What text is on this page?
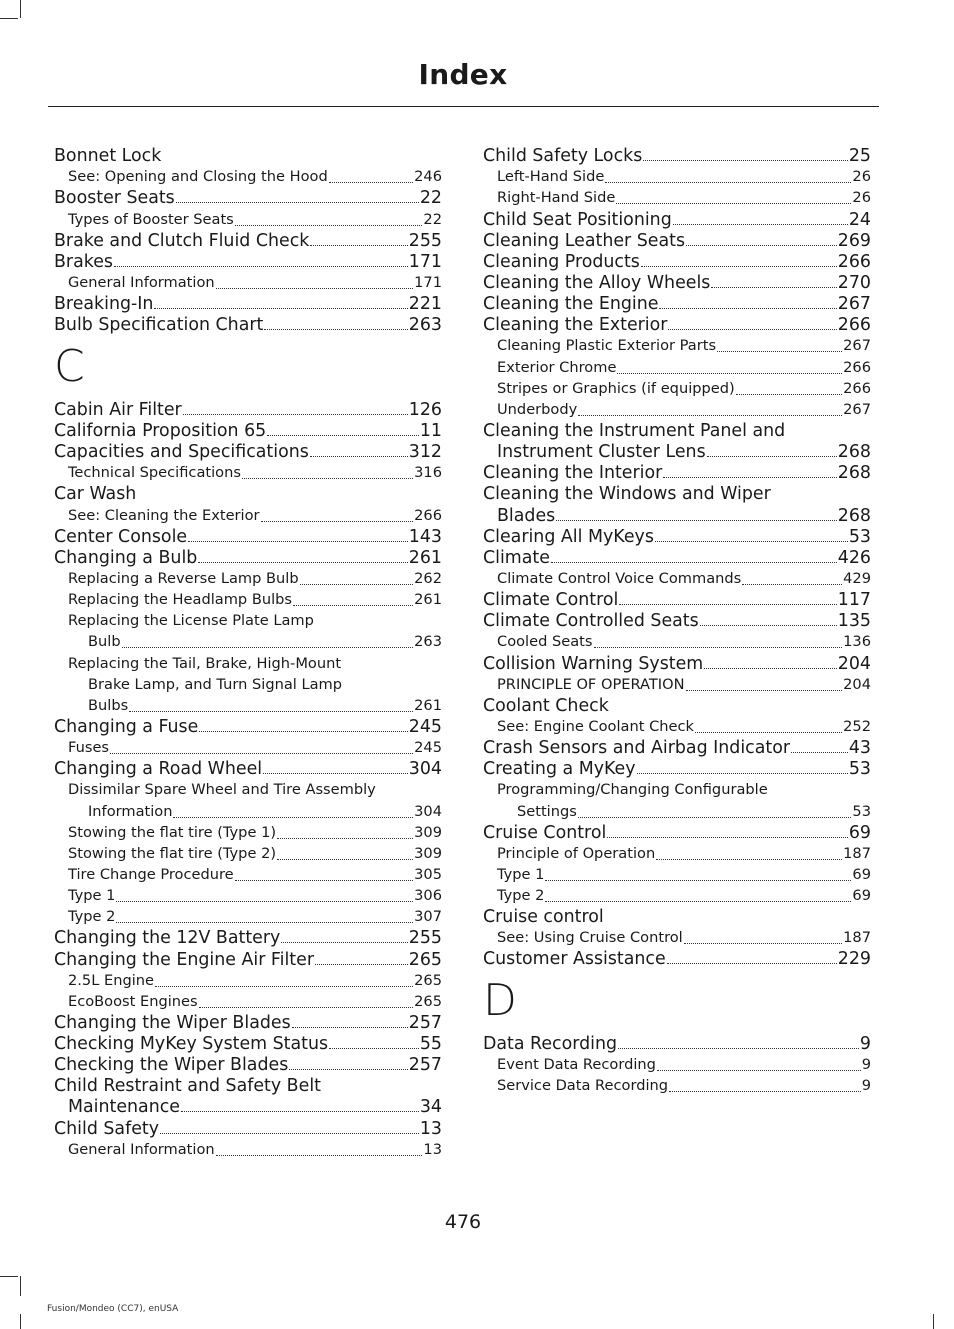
Index
Bonnet Lock
See: Opening and Closing the Hood	246
Booster Seats	22
Types of Booster Seats	22
Brake and Clutch Fluid Check	255
Brakes	171
General Information	171
Breaking-In	221
Bulb Specification Chart	263
C
Cabin Air Filter	126
California Proposition 65	11
Capacities and Specifications	312
Technical Specifications	316
Car Wash
See: Cleaning the Exterior	266
Center Console	143
Changing a Bulb	261
Replacing a Reverse Lamp Bulb	262
Replacing the Headlamp Bulbs	261
Replacing the License Plate Lamp
Bulb	263
Replacing the Tail, Brake, High-Mount
Brake Lamp, and Turn Signal Lamp
Bulbs	261
Changing a Fuse	245
Fuses	245
Changing a Road Wheel	304
Dissimilar Spare Wheel and Tire Assembly
Information	304
Stowing the flat tire (Type 1)	309
Stowing the flat tire (Type 2)	309
Tire Change Procedure	305
Type 1	306
Type 2	307
Changing the 12V Battery	255
Changing the Engine Air Filter	265
2.5L Engine	265
EcoBoost Engines	265
Changing the Wiper Blades	257
Checking MyKey System Status	55
Checking the Wiper Blades	257
Child Restraint and Safety Belt
Maintenance	34
Child Safety	13
General Information	13
Child Safety Locks	25
Left-Hand Side	26
Right-Hand Side	26
Child Seat Positioning	24
Cleaning Leather Seats	269
Cleaning Products	266
Cleaning the Alloy Wheels	270
Cleaning the Engine	267
Cleaning the Exterior	266
Cleaning Plastic Exterior Parts	267
Exterior Chrome	266
Stripes or Graphics (if equipped)	266
Underbody	267
Cleaning the Instrument Panel and
Instrument Cluster Lens	268
Cleaning the Interior	268
Cleaning the Windows and Wiper
Blades	268
Clearing All MyKeys	53
Climate	426
Climate Control Voice Commands	429
Climate Control	117
Climate Controlled Seats	135
Cooled Seats	136
Collision Warning System	204
PRINCIPLE OF OPERATION	204
Coolant Check
See: Engine Coolant Check	252
Crash Sensors and Airbag Indicator	43
Creating a MyKey	53
Programming/Changing Configurable
Settings	53
Cruise Control	69
Principle of Operation	187
Type 1	69
Type 2	69
Cruise control
See: Using Cruise Control	187
Customer Assistance	229
D
Data Recording	9
Event Data Recording	9
Service Data Recording	9
476
Fusion/Mondeo (CC7), enUSA
